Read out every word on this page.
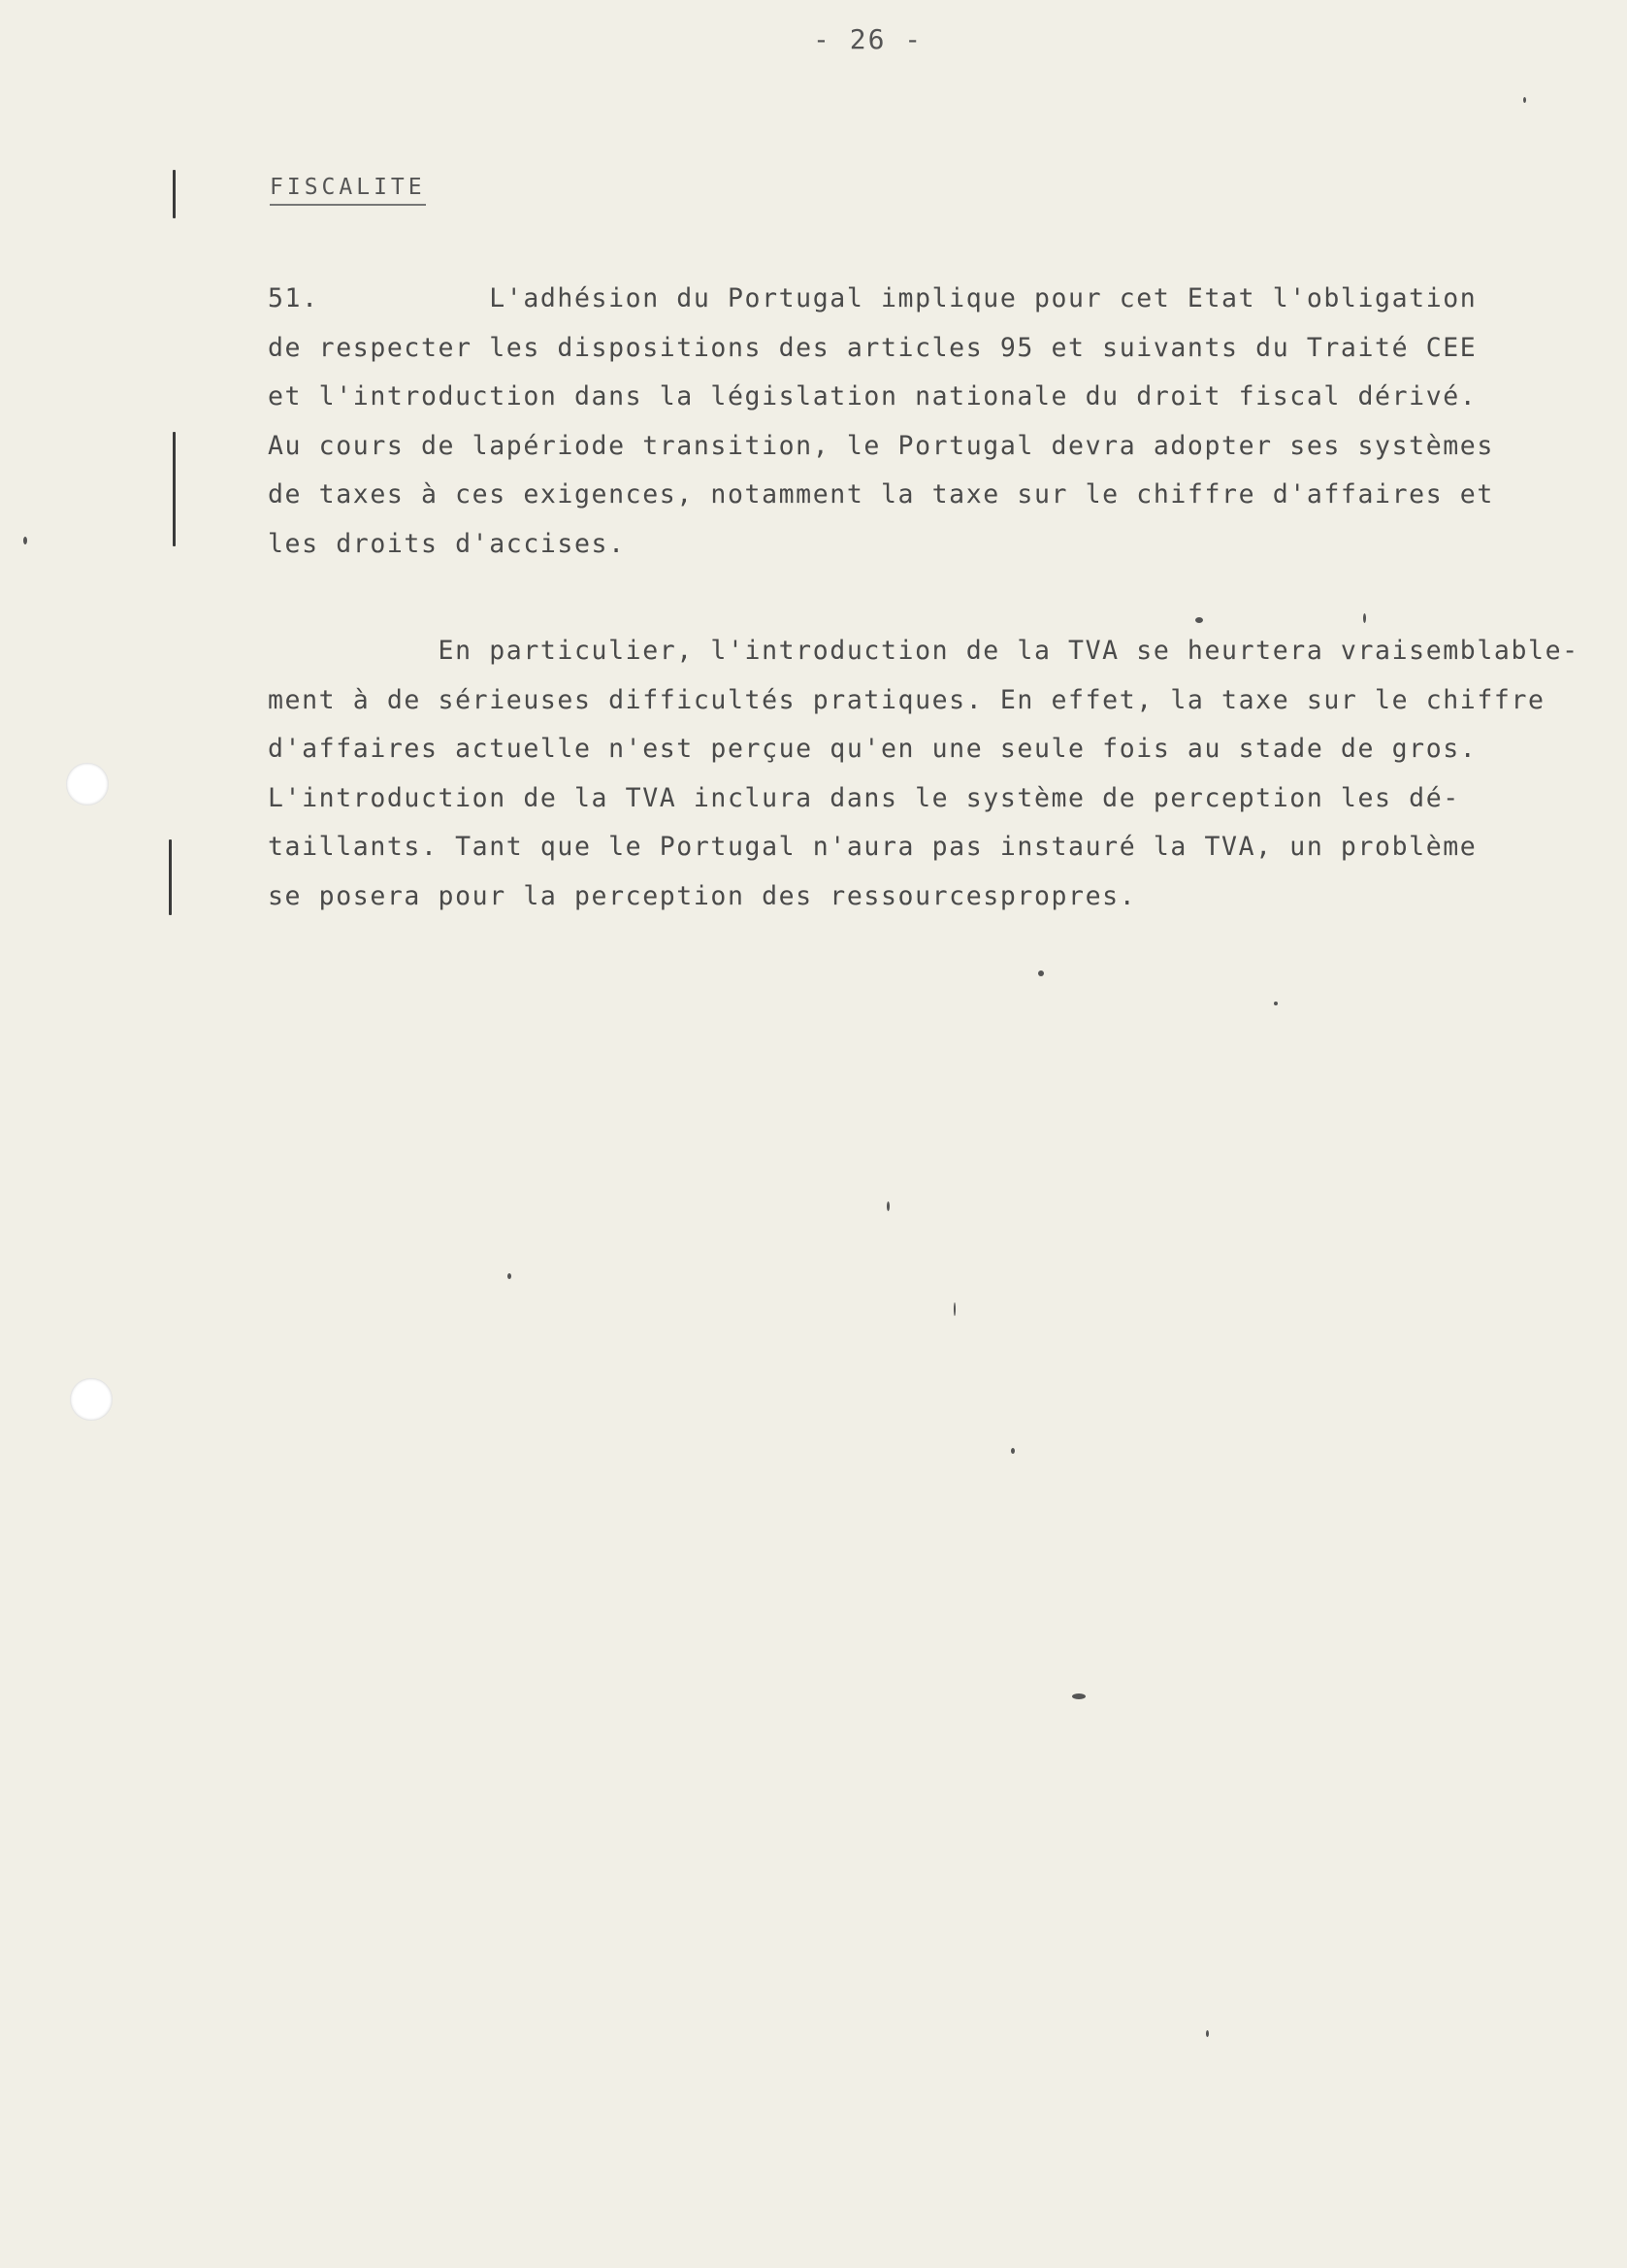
- 26 -
FISCALITE
51.          L'adhésion du Portugal implique pour cet Etat l'obligation
de respecter les dispositions des articles 95 et suivants du Traité CEE
et l'introduction dans la législation nationale du droit fiscal dérivé.
Au cours de lapériode transition, le Portugal devra adopter ses systèmes
de taxes à ces exigences, notamment la taxe sur le chiffre d'affaires et
les droits d'accises.
En particulier, l'introduction de la TVA se heurtera vraisemblable-
ment à de sérieuses difficultés pratiques. En effet, la taxe sur le chiffre
d'affaires actuelle n'est perçue qu'en une seule fois au stade de gros.
L'introduction de la TVA inclura dans le système de perception les dé-
taillants. Tant que le Portugal n'aura pas instauré la TVA, un problème
se posera pour la perception des ressourcespropres.
